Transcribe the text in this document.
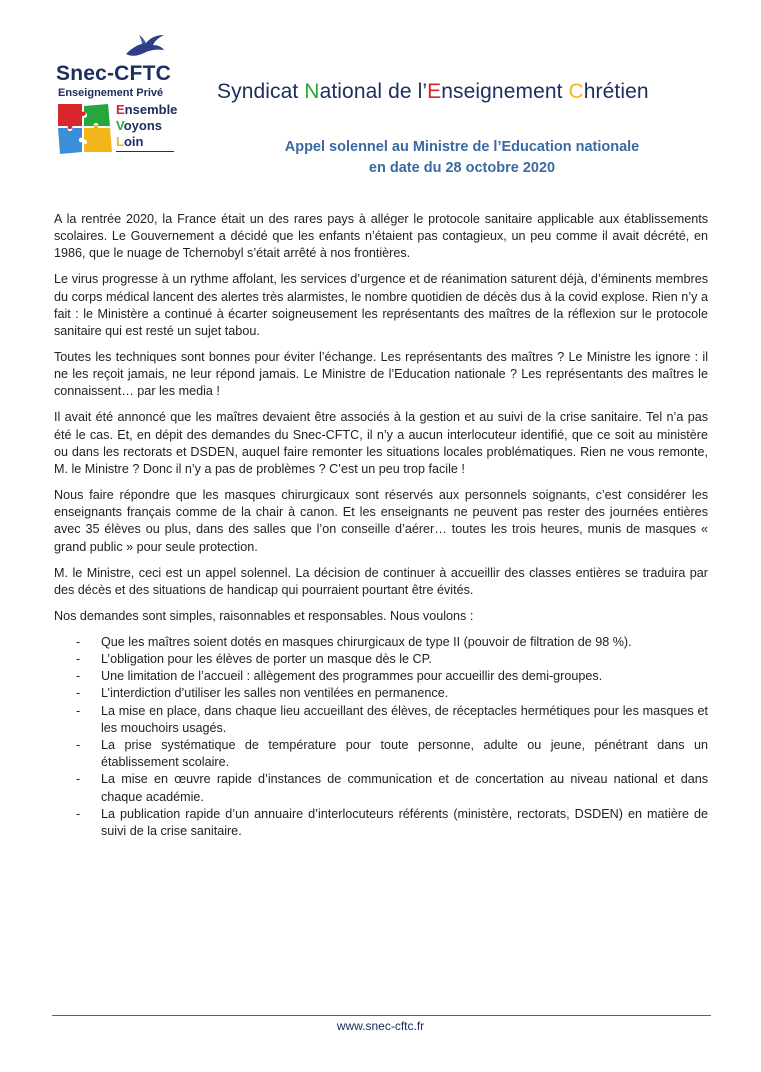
Snec-CFTC
Enseignement Privé
Ensemble
Voyons
Loin
Syndicat National de l’Enseignement Chrétien
Appel solennel au Ministre de l’Education nationale
en date du 28 octobre 2020

A la rentrée 2020, la France était un des rares pays à alléger le protocole sanitaire applicable aux établissements scolaires. Le Gouvernement a décidé que les enfants n’étaient pas contagieux, un peu comme il avait décrété, en 1986, que le nuage de Tchernobyl s’était arrêté à nos frontières.

Le virus progresse à un rythme affolant, les services d’urgence et de réanimation saturent déjà, d’éminents membres du corps médical lancent des alertes très alarmistes, le nombre quotidien de décès dus à la covid explose. Rien n’y a fait : le Ministère a continué à écarter soigneusement les représentants des maîtres de la réflexion sur le protocole sanitaire qui est resté un sujet tabou.

Toutes les techniques sont bonnes pour éviter l’échange. Les représentants des maîtres ? Le Ministre les ignore : il ne les reçoit jamais, ne leur répond jamais. Le Ministre de l’Education nationale ? Les représentants des maîtres le connaissent… par les media !

Il avait été annoncé que les maîtres devaient être associés à la gestion et au suivi de la crise sanitaire. Tel n’a pas été le cas. Et, en dépit des demandes du Snec-CFTC, il n’y a aucun interlocuteur identifié, que ce soit au ministère ou dans les rectorats et DSDEN, auquel faire remonter les situations locales problématiques. Rien ne vous remonte, M. le Ministre ? Donc il n’y a pas de problèmes ? C’est un peu trop facile !

Nous faire répondre que les masques chirurgicaux sont réservés aux personnels soignants, c’est considérer les enseignants français comme de la chair à canon. Et les enseignants ne peuvent pas rester des journées entières avec 35 élèves ou plus, dans des salles que l’on conseille d’aérer… toutes les trois heures, munis de masques « grand public » pour seule protection.

M. le Ministre, ceci est un appel solennel. La décision de continuer à accueillir des classes entières se traduira par des décès et des situations de handicap qui pourraient pourtant être évités.

Nos demandes sont simples, raisonnables et responsables. Nous voulons :

- Que les maîtres soient dotés en masques chirurgicaux de type II (pouvoir de filtration de 98 %).
- L’obligation pour les élèves de porter un masque dès le CP.
- Une limitation de l’accueil : allègement des programmes pour accueillir des demi-groupes.
- L’interdiction d’utiliser les salles non ventilées en permanence.
- La mise en place, dans chaque lieu accueillant des élèves, de réceptacles hermétiques pour les masques et les mouchoirs usagés.
- La prise systématique de température pour toute personne, adulte ou jeune, pénétrant dans un établissement scolaire.
- La mise en œuvre rapide d’instances de communication et de concertation au niveau national et dans chaque académie.
- La publication rapide d’un annuaire d’interlocuteurs référents (ministère, rectorats, DSDEN) en matière de suivi de la crise sanitaire.
www.snec-cftc.fr
